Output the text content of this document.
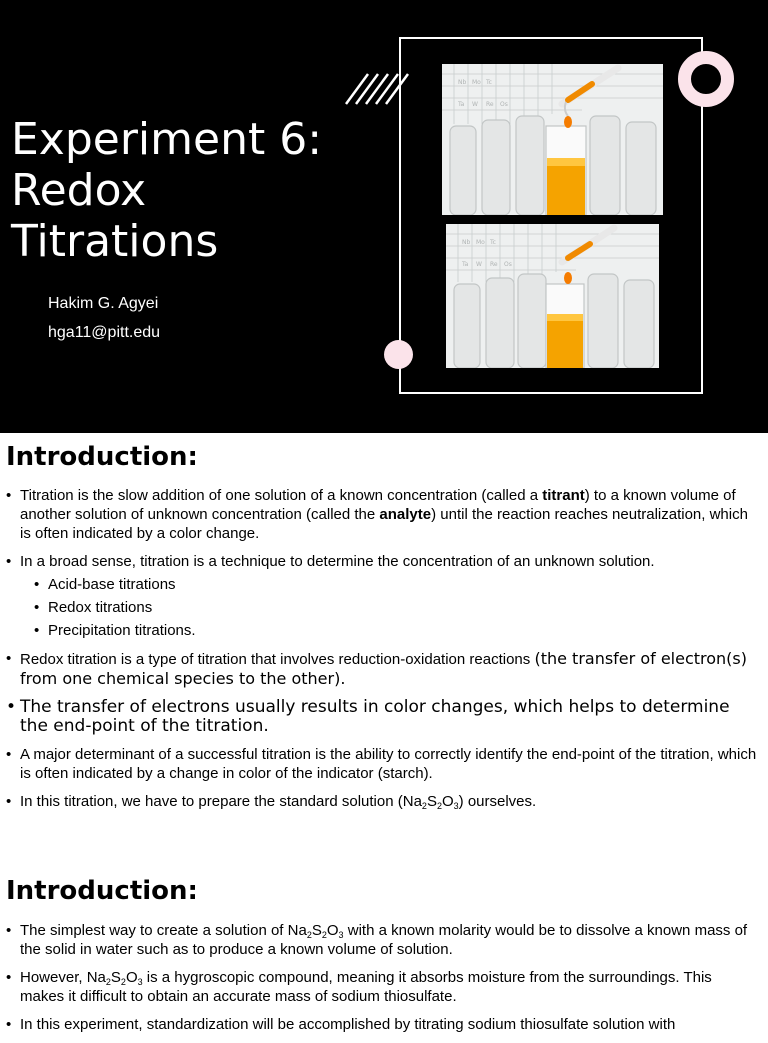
Experiment 6:
Redox
Titrations
Hakim G. Agyei
hga11@pitt.edu
Nb Mo Tc
Ta W Re Os
Nb Mo Tc
Ta W Re Os
Introduction:
• Titration is the slow addition of one solution of a known concentration (called a titrant) to a known volume of another solution of unknown concentration (called the analyte) until the reaction reaches neutralization, which is often indicated by a color change.
• In a broad sense, titration is a technique to determine the concentration of an unknown solution.
• Acid-base titrations
• Redox titrations
• Precipitation titrations.
• Redox titration is a type of titration that involves reduction-oxidation reactions (the transfer of electron(s) from one chemical species to the other).
• The transfer of electrons usually results in color changes, which helps to determine the end-point of the titration.
• A major determinant of a successful titration is the ability to correctly identify the end-point of the titration, which is often indicated by a change in color of the indicator (starch).
• In this titration, we have to prepare the standard solution $(Na_2S_2O_3)$ ourselves.
Introduction:
• The simplest way to create a solution of $Na_2S_2O_3$ with a known molarity would be to dissolve a known mass of the solid in water such as to produce a known volume of solution.
• However, $Na_2S_2O_3$ is a hygroscopic compound, meaning it absorbs moisture from the surroundings. This makes it difficult to obtain an accurate mass of sodium thiosulfate.
• In this experiment, standardization will be accomplished by titrating sodium thiosulfate solution with
